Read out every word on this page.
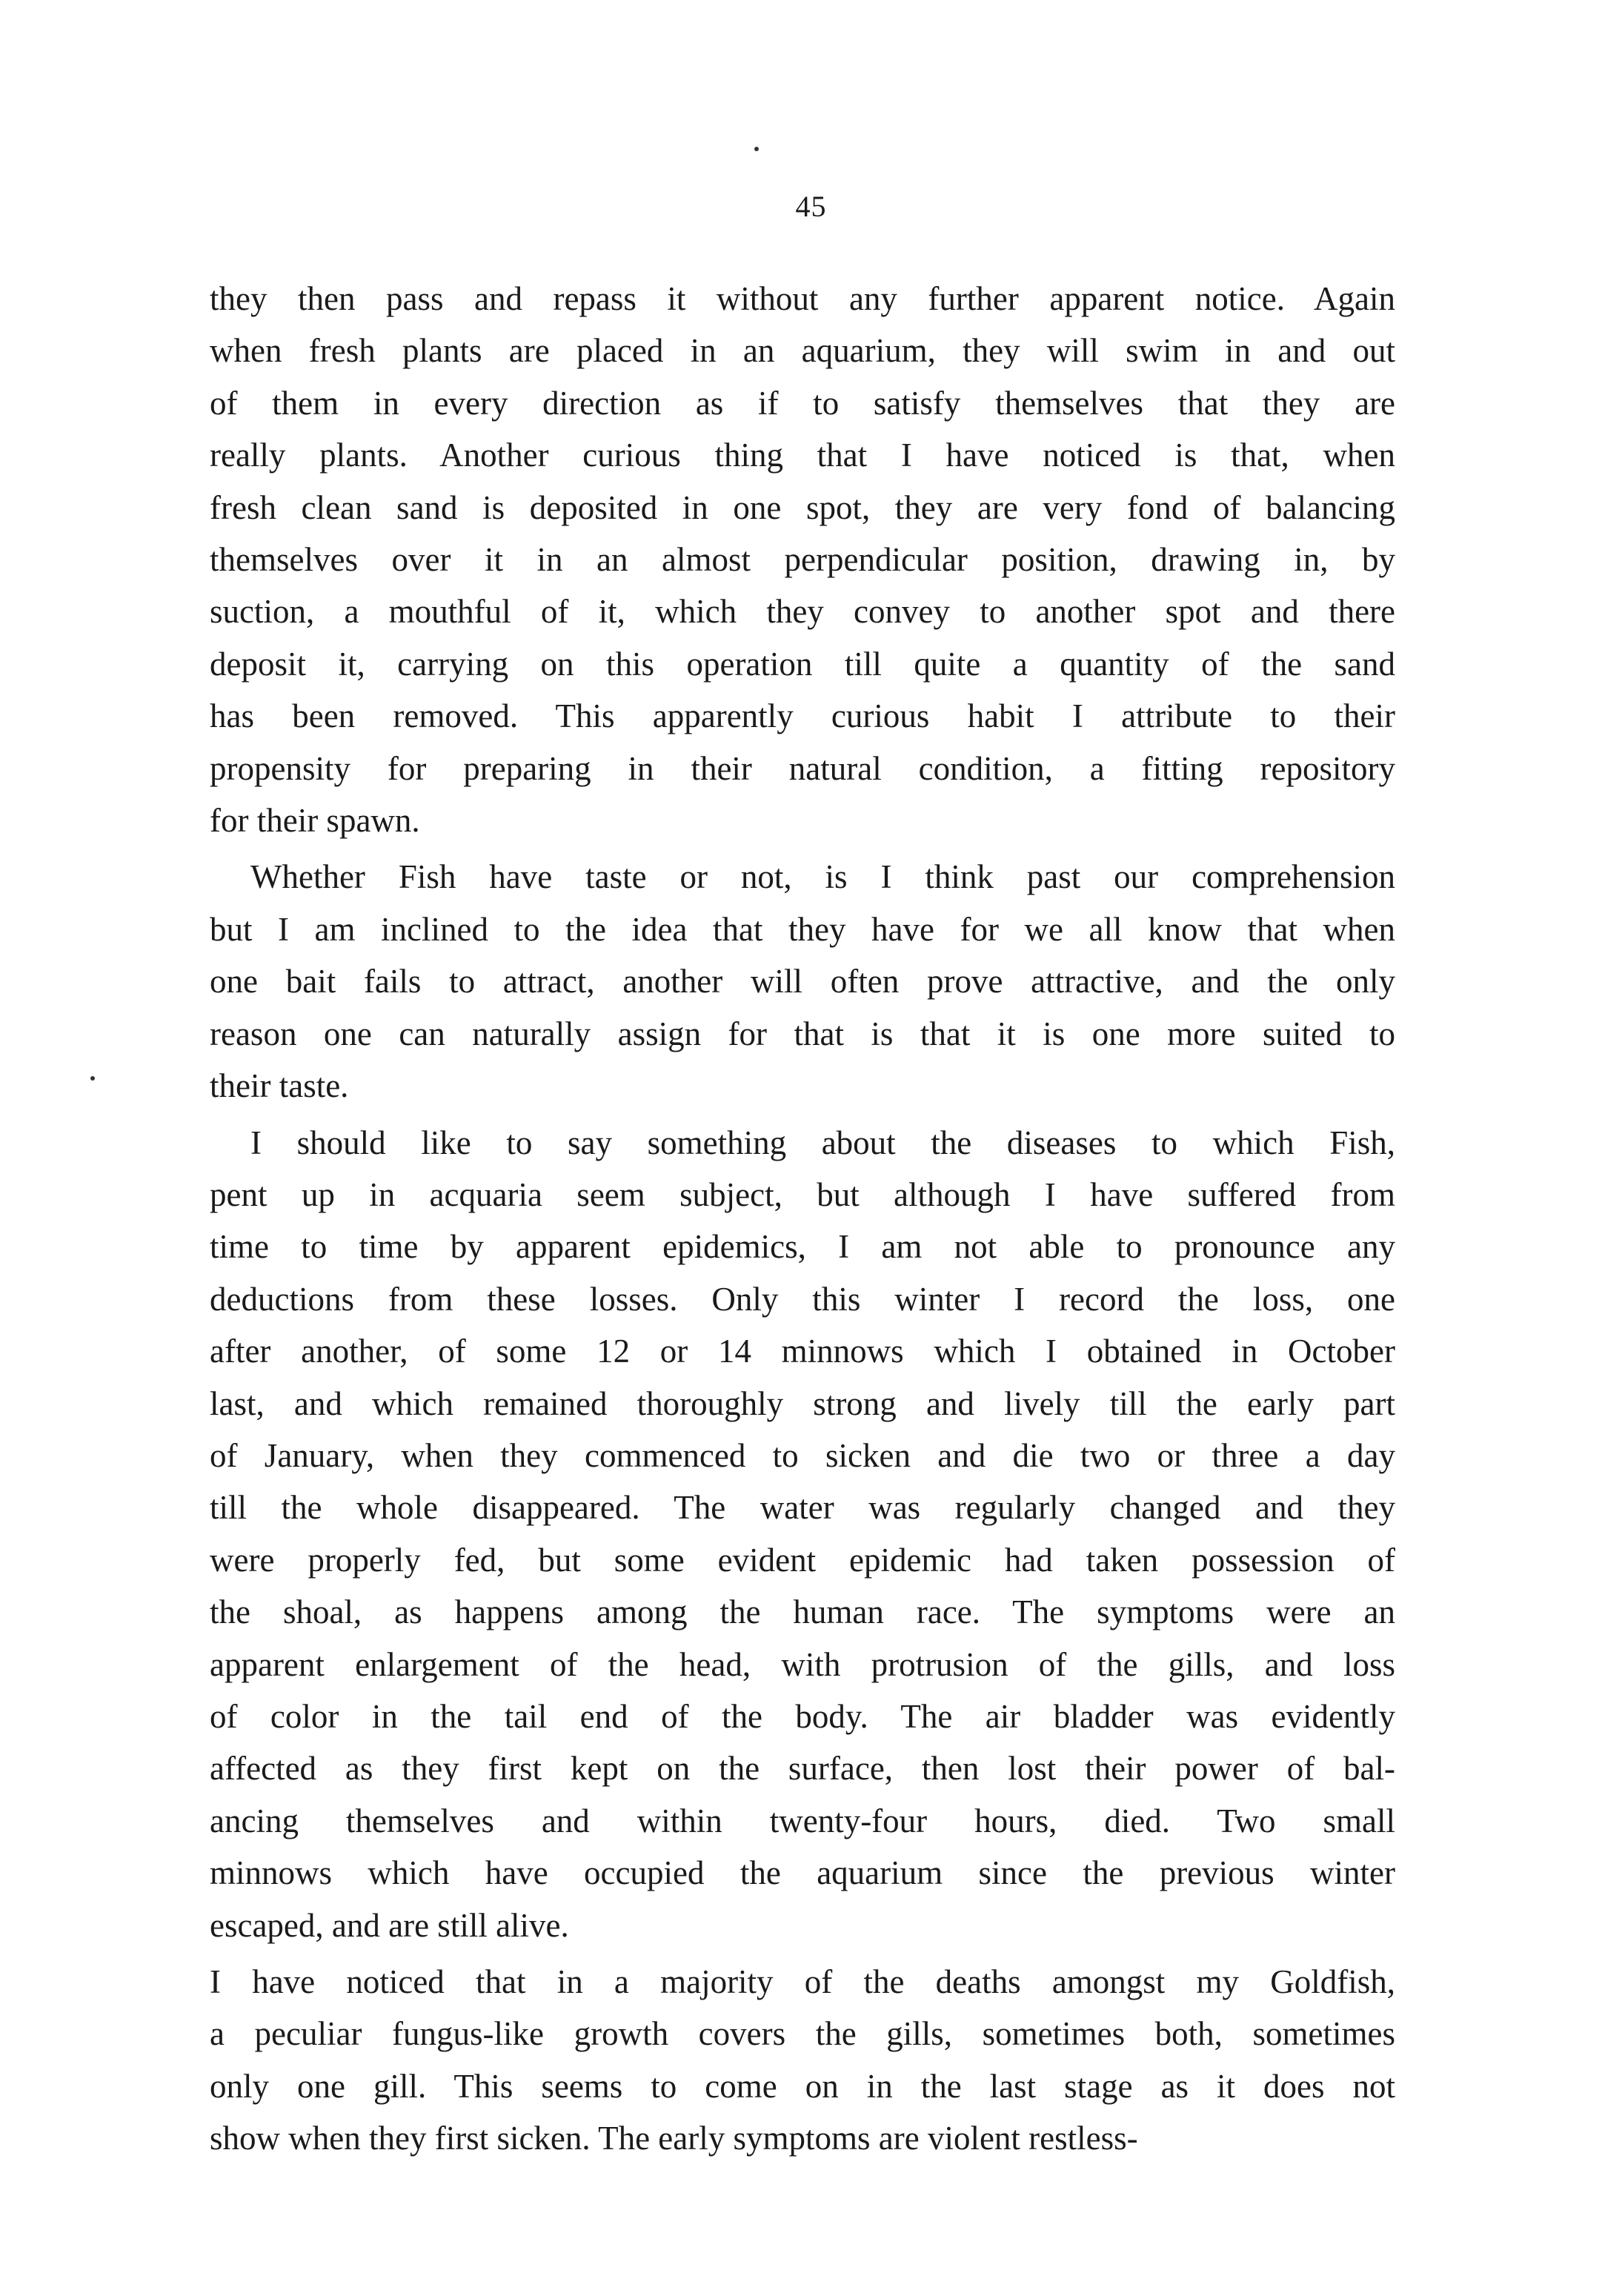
45

they then pass and repass it without any further apparent notice. Again
when fresh plants are placed in an aquarium, they will swim in and out
of them in every direction as if to satisfy themselves that they are
really plants. Another curious thing that I have noticed is that, when
fresh clean sand is deposited in one spot, they are very fond of balancing
themselves over it in an almost perpendicular position, drawing in, by
suction, a mouthful of it, which they convey to another spot and there
deposit it, carrying on this operation till quite a quantity of the sand
has been removed. This apparently curious habit I attribute to their
propensity for preparing in their natural condition, a fitting repository
for their spawn.

Whether Fish have taste or not, is I think past our comprehension
but I am inclined to the idea that they have for we all know that when
one bait fails to attract, another will often prove attractive, and the only
reason one can naturally assign for that is that it is one more suited to
their taste.

I should like to say something about the diseases to which Fish,
pent up in acquaria seem subject, but although I have suffered from
time to time by apparent epidemics, I am not able to pronounce any
deductions from these losses. Only this winter I record the loss, one
after another, of some 12 or 14 minnows which I obtained in October
last, and which remained thoroughly strong and lively till the early part
of January, when they commenced to sicken and die two or three a day
till the whole disappeared. The water was regularly changed and they
were properly fed, but some evident epidemic had taken possession of
the shoal, as happens among the human race. The symptoms were an
apparent enlargement of the head, with protrusion of the gills, and loss
of color in the tail end of the body. The air bladder was evidently
affected as they first kept on the surface, then lost their power of bal-
ancing themselves and within twenty-four hours, died. Two small
minnows which have occupied the aquarium since the previous winter
escaped, and are still alive.

I have noticed that in a majority of the deaths amongst my Goldfish,
a peculiar fungus-like growth covers the gills, sometimes both, sometimes
only one gill. This seems to come on in the last stage as it does not
show when they first sicken. The early symptoms are violent restless-
